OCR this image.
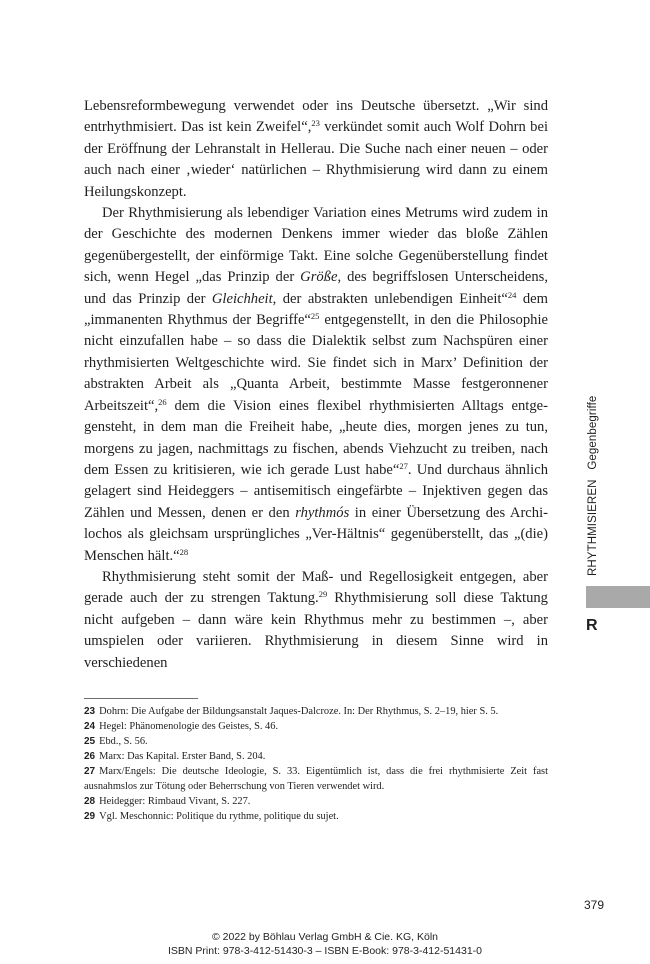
Lebensreformbewegung verwendet oder ins Deutsche übersetzt. „Wir sind entrhythmisiert. Das ist kein Zweifel“,$^{23}$ verkündet somit auch Wolf Dohrn bei der Eröffnung der Lehranstalt in Hellerau. Die Suche nach einer neuen – oder auch nach einer ‚wieder‘ natürlichen – Rhythmisierung wird dann zu einem Heilungskonzept.

Der Rhythmisierung als lebendiger Variation eines Metrums wird zudem in der Geschichte des modernen Denkens immer wieder das bloße Zählen gegenübergestellt, der einförmige Takt. Eine solche Gegenüberstellung findet sich, wenn Hegel „das Prinzip der Größe, des begriffslosen Unterscheidens, und das Prinzip der Gleichheit, der abstrakten unlebendigen Einheit“$^{24}$ dem „immanenten Rhythmus der Begriffe“$^{25}$ entgegenstellt, in den die Philosophie nicht einzufallen habe – so dass die Dialektik selbst zum Nachspüren einer rhythmisierten Weltgeschichte wird. Sie findet sich in Marx’ Definition der abstrakten Arbeit als „Quanta Arbeit, bestimmte Masse festgeronnener Arbeitszeit“,$^{26}$ dem die Vision eines flexibel rhythmisierten Alltags entgegensteht, in dem man die Freiheit habe, „heute dies, morgen jenes zu tun, morgens zu jagen, nachmittags zu fischen, abends Viehzucht zu treiben, nach dem Essen zu kritisieren, wie ich gerade Lust habe“$^{27}$. Und durchaus ähnlich gelagert sind Heideggers – antisemitisch eingefärbte – Injektiven gegen das Zählen und Messen, denen er den rhythmós in einer Übersetzung des Archilochos als gleichsam ursprüngliches „Ver-Hältnis“ gegenüberstellt, das „(die) Menschen hält.“$^{28}$

Rhythmisierung steht somit der Maß- und Regellosigkeit entgegen, aber gerade auch der zu strengen Taktung.$^{29}$ Rhythmisierung soll diese Taktung nicht aufgeben – dann wäre kein Rhythmus mehr zu bestimmen –, aber umspielen oder variieren. Rhythmisierung in diesem Sinne wird in verschiedenen

23 Dohrn: Die Aufgabe der Bildungsanstalt Jaques-Dalcroze. In: Der Rhythmus, S. 2–19, hier S. 5.
24 Hegel: Phänomenologie des Geistes, S. 46.
25 Ebd., S. 56.
26 Marx: Das Kapital. Erster Band, S. 204.
27 Marx/Engels: Die deutsche Ideologie, S. 33. Eigentümlich ist, dass die frei rhythmisierte Zeit fast ausnahmslos zur Tötung oder Beherrschung von Tieren verwendet wird.
28 Heidegger: Rimbaud Vivant, S. 227.
29 Vgl. Meschonnic: Politique du rythme, politique du sujet.
RHYTHMISIEREN   Gegenbegriffe
R
379
© 2022 by Böhlau Verlag GmbH & Cie. KG, Köln
ISBN Print: 978-3-412-51430-3 – ISBN E-Book: 978-3-412-51431-0
